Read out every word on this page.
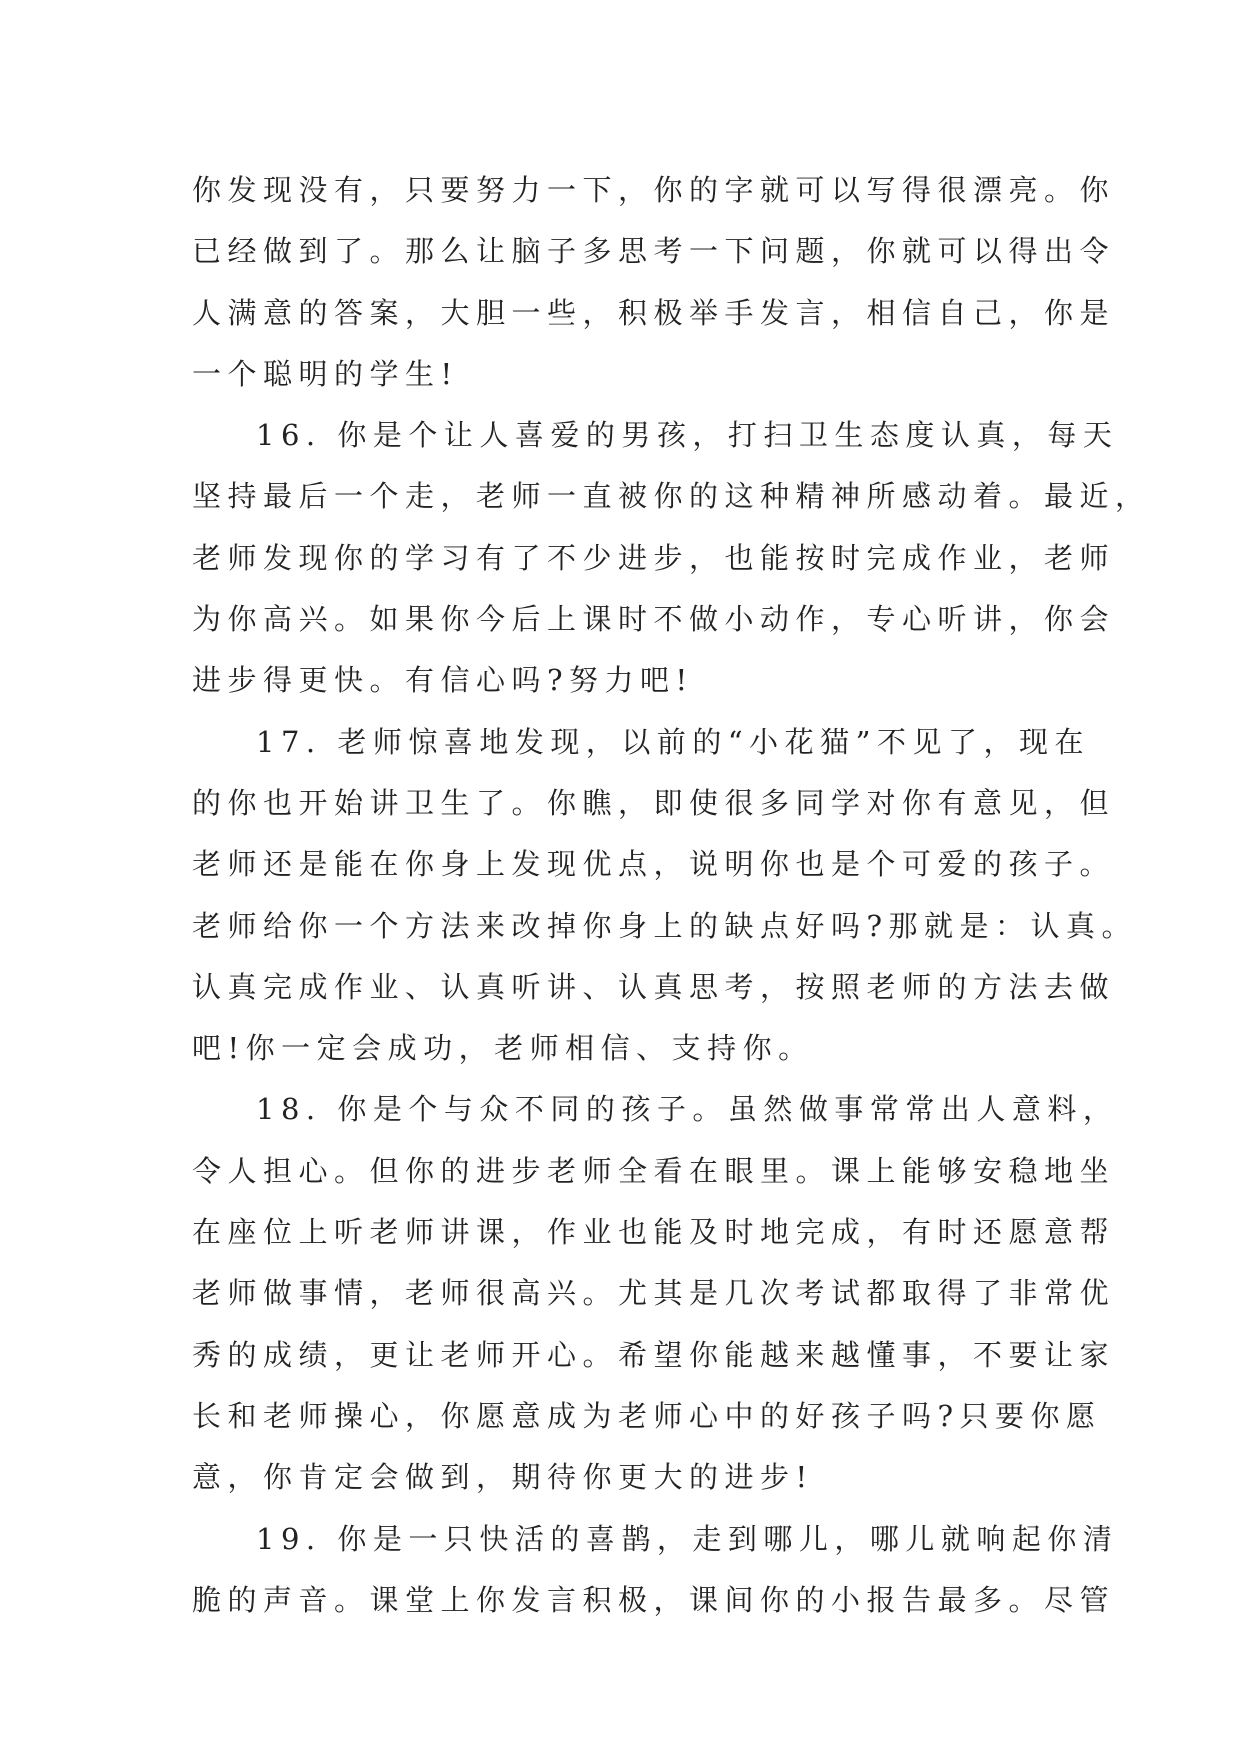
你发现没有，只要努力一下，你的字就可以写得很漂亮。你
已经做到了。那么让脑子多思考一下问题，你就可以得出令
人满意的答案，大胆一些，积极举手发言，相信自己，你是
一个聪明的学生!
16. 你是个让人喜爱的男孩，打扫卫生态度认真，每天
坚持最后一个走，老师一直被你的这种精神所感动着。最近，
老师发现你的学习有了不少进步，也能按时完成作业，老师
为你高兴。如果你今后上课时不做小动作，专心听讲，你会
进步得更快。有信心吗?努力吧!
17. 老师惊喜地发现，以前的“小花猫”不见了，现在
的你也开始讲卫生了。你瞧，即使很多同学对你有意见，但
老师还是能在你身上发现优点，说明你也是个可爱的孩子。
老师给你一个方法来改掉你身上的缺点好吗?那就是：认真。
认真完成作业、认真听讲、认真思考，按照老师的方法去做
吧!你一定会成功，老师相信、支持你。
18. 你是个与众不同的孩子。虽然做事常常出人意料，
令人担心。但你的进步老师全看在眼里。课上能够安稳地坐
在座位上听老师讲课，作业也能及时地完成，有时还愿意帮
老师做事情，老师很高兴。尤其是几次考试都取得了非常优
秀的成绩，更让老师开心。希望你能越来越懂事，不要让家
长和老师操心，你愿意成为老师心中的好孩子吗?只要你愿
意，你肯定会做到，期待你更大的进步!
19. 你是一只快活的喜鹊，走到哪儿，哪儿就响起你清
脆的声音。课堂上你发言积极，课间你的小报告最多。尽管
